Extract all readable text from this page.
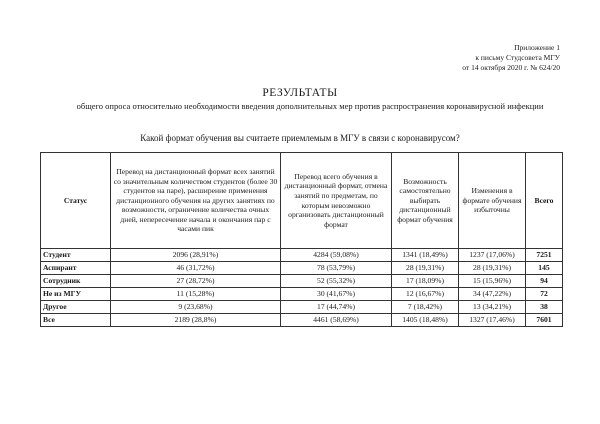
Приложение 1
к письму Студсовета МГУ
от 14 октября 2020 г. № 624/20
РЕЗУЛЬТАТЫ
общего опроса относительно необходимости введения дополнительных мер против распространения коронавирусной инфекции
Какой формат обучения вы считаете приемлемым в МГУ в связи с коронавирусом?
Статус	Перевод на дистанционный формат всех занятий со значительным количеством студентов (более 30 студентов на паре), расширение применения дистанционного обучения на других занятиях по возможности, ограничение количества очных дней, непересечение начала и окончания пар с часами пик	Перевод всего обучения в дистанционный формат, отмена занятий по предметам, по которым невозможно организовать дистанционный формат	Возможность самостоятельно выбирать дистанционный формат обучения	Изменения в формате обучения избыточны	Всего
Студент	2096 (28,91%)	4284 (59,08%)	1341 (18,49%)	1237 (17,06%)	7251
Аспирант	46 (31,72%)	78 (53,79%)	28 (19,31%)	28 (19,31%)	145
Сотрудник	27 (28,72%)	52 (55,32%)	17 (18,09%)	15 (15,96%)	94
Не из МГУ	11 (15,28%)	30 (41,67%)	12 (16,67%)	34 (47,22%)	72
Другое	9 (23,68%)	17 (44,74%)	7 (18,42%)	13 (34,21%)	38
Все	2189 (28,8%)	4461 (58,69%)	1405 (18,48%)	1327 (17,46%)	7601
